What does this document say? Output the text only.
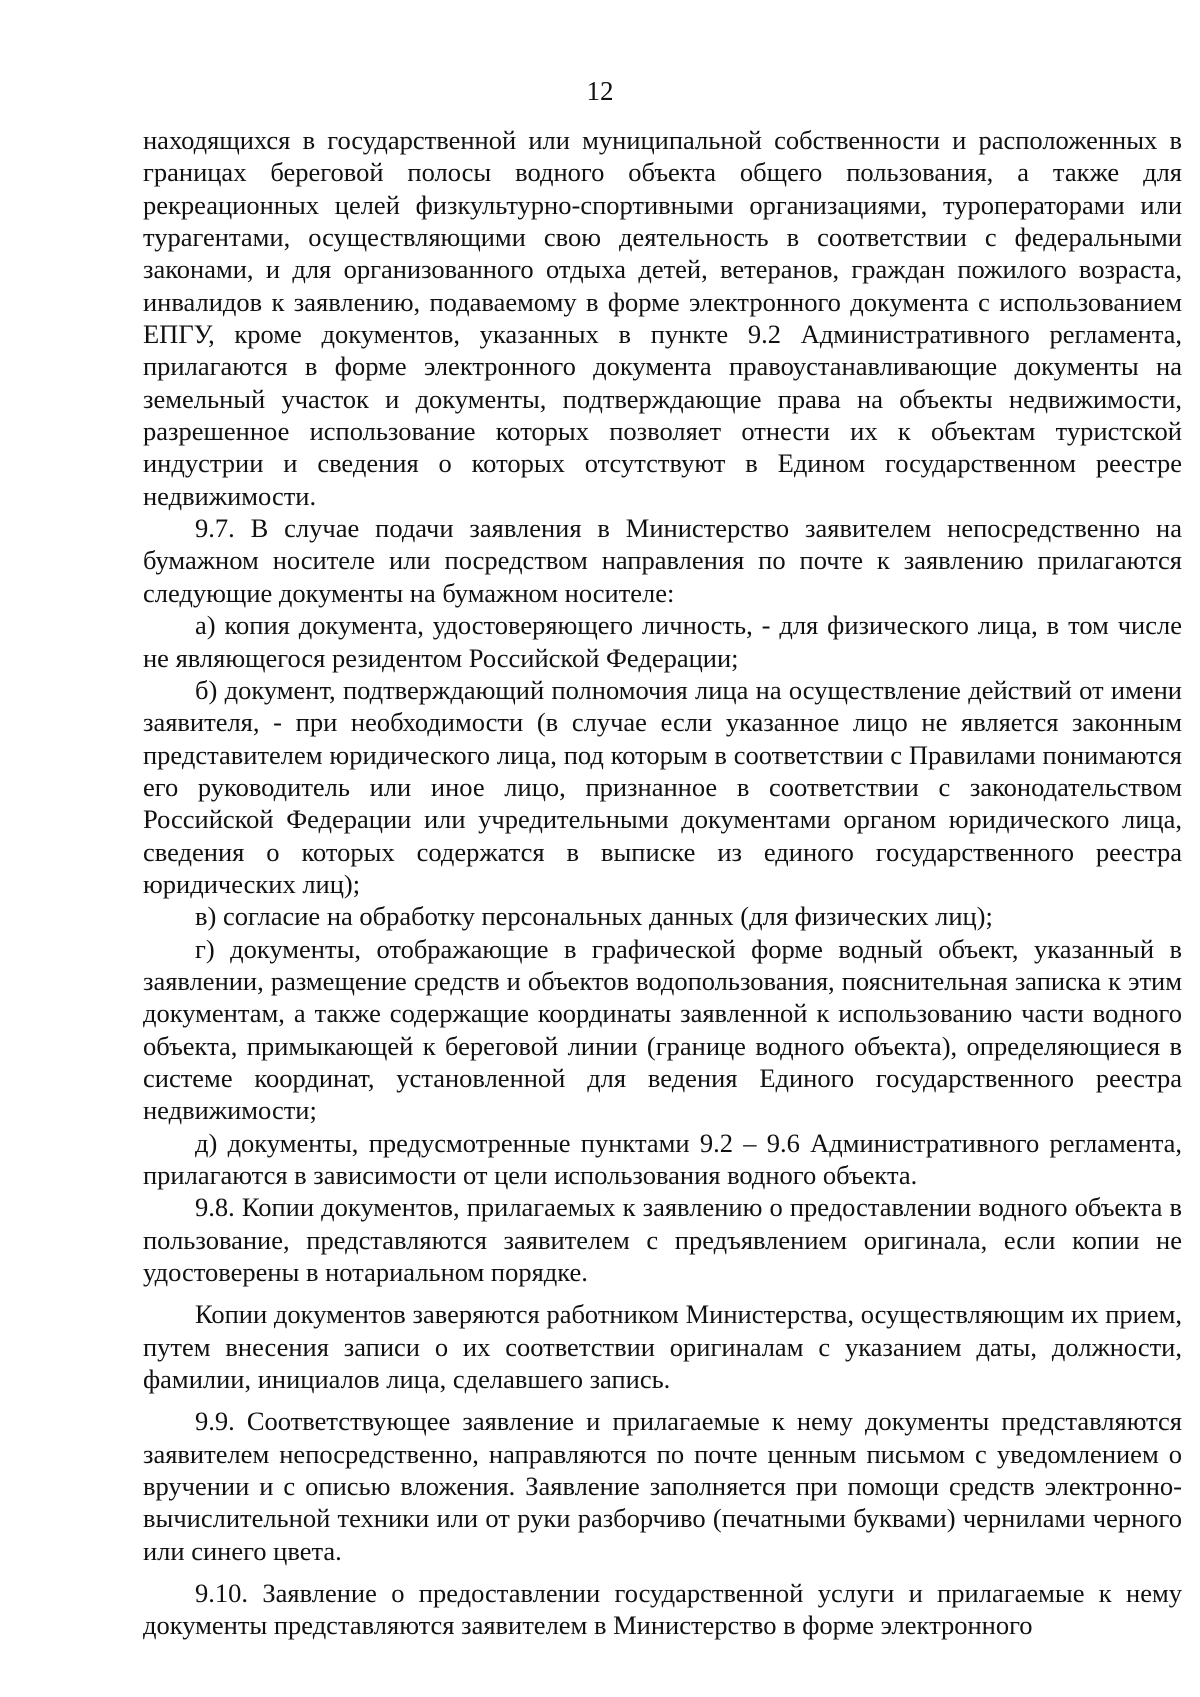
12

находящихся в государственной или муниципальной собственности и расположенных в границах береговой полосы водного объекта общего пользования, а также для рекреационных целей физкультурно-спортивными организациями, туроператорами или турагентами, осуществляющими свою деятельность в соответствии с федеральными законами, и для организованного отдыха детей, ветеранов, граждан пожилого возраста, инвалидов к заявлению, подаваемому в форме электронного документа с использованием ЕПГУ, кроме документов, указанных в пункте 9.2 Административного регламента, прилагаются в форме электронного документа правоустанавливающие документы на земельный участок и документы, подтверждающие права на объекты недвижимости, разрешенное использование которых позволяет отнести их к объектам туристской индустрии и сведения о которых отсутствуют в Едином государственном реестре недвижимости.

9.7. В случае подачи заявления в Министерство заявителем непосредственно на бумажном носителе или посредством направления по почте к заявлению прилагаются следующие документы на бумажном носителе:

а) копия документа, удостоверяющего личность, - для физического лица, в том числе не являющегося резидентом Российской Федерации;

б) документ, подтверждающий полномочия лица на осуществление действий от имени заявителя, - при необходимости (в случае если указанное лицо не является законным представителем юридического лица, под которым в соответствии с Правилами понимаются его руководитель или иное лицо, признанное в соответствии с законодательством Российской Федерации или учредительными документами органом юридического лица, сведения о которых содержатся в выписке из единого государственного реестра юридических лиц);

в) согласие на обработку персональных данных (для физических лиц);

г) документы, отображающие в графической форме водный объект, указанный в заявлении, размещение средств и объектов водопользования, пояснительная записка к этим документам, а также содержащие координаты заявленной к использованию части водного объекта, примыкающей к береговой линии (границе водного объекта), определяющиеся в системе координат, установленной для ведения Единого государственного реестра недвижимости;

д) документы, предусмотренные пунктами 9.2 – 9.6 Административного регламента, прилагаются в зависимости от цели использования водного объекта.

9.8. Копии документов, прилагаемых к заявлению о предоставлении водного объекта в пользование, представляются заявителем с предъявлением оригинала, если копии не удостоверены в нотариальном порядке.

Копии документов заверяются работником Министерства, осуществляющим их прием, путем внесения записи о их соответствии оригиналам с указанием даты, должности, фамилии, инициалов лица, сделавшего запись.

9.9. Соответствующее заявление и прилагаемые к нему документы представляются заявителем непосредственно, направляются по почте ценным письмом с уведомлением о вручении и с описью вложения. Заявление заполняется при помощи средств электронно-вычислительной техники или от руки разборчиво (печатными буквами) чернилами черного или синего цвета.

9.10. Заявление о предоставлении государственной услуги и прилагаемые к нему документы представляются заявителем в Министерство в форме электронного
